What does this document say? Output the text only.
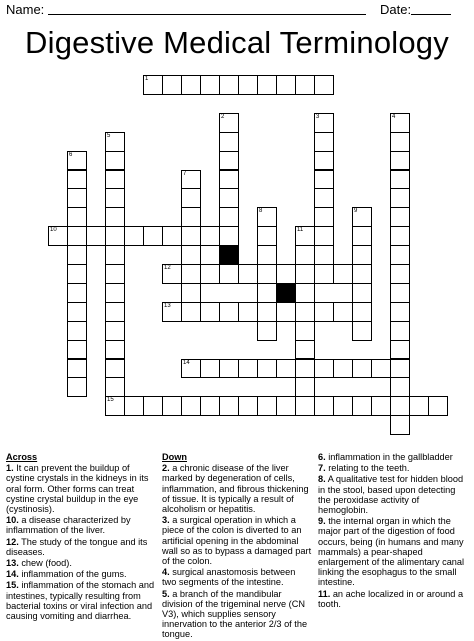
Name:	Date:
Digestive Medical Terminology
1
2	3	4
5
6
7
8	9
10	11
12
13
14
15
Across
1. It can prevent the buildup of cystine crystals in the kidneys in its oral form. Other forms can treat cystine crystal buildup in the eye (cystinosis).
10. a disease characterized by inflammation of the liver.
12. The study of the tongue and its diseases.
13. chew (food).
14. inflammation of the gums.
15. inflammation of the stomach and intestines, typically resulting from bacterial toxins or viral infection and causing vomiting and diarrhea.
Down
2. a chronic disease of the liver marked by degeneration of cells, inflammation, and fibrous thickening of tissue. It is typically a result of alcoholism or hepatitis.
3. a surgical operation in which a piece of the colon is diverted to an artificial opening in the abdominal wall so as to bypass a damaged part of the colon.
4. surgical anastomosis between two segments of the intestine.
5. a branch of the mandibular division of the trigeminal nerve (CN V3), which supplies sensory innervation to the anterior 2/3 of the tongue.
6. inflammation in the gallbladder
7. relating to the teeth.
8. A qualitative test for hidden blood in the stool, based upon detecting the peroxidase activity of hemoglobin.
9. the internal organ in which the major part of the digestion of food occurs, being (in humans and many mammals) a pear-shaped enlargement of the alimentary canal linking the esophagus to the small intestine.
11. an ache localized in or around a tooth.
